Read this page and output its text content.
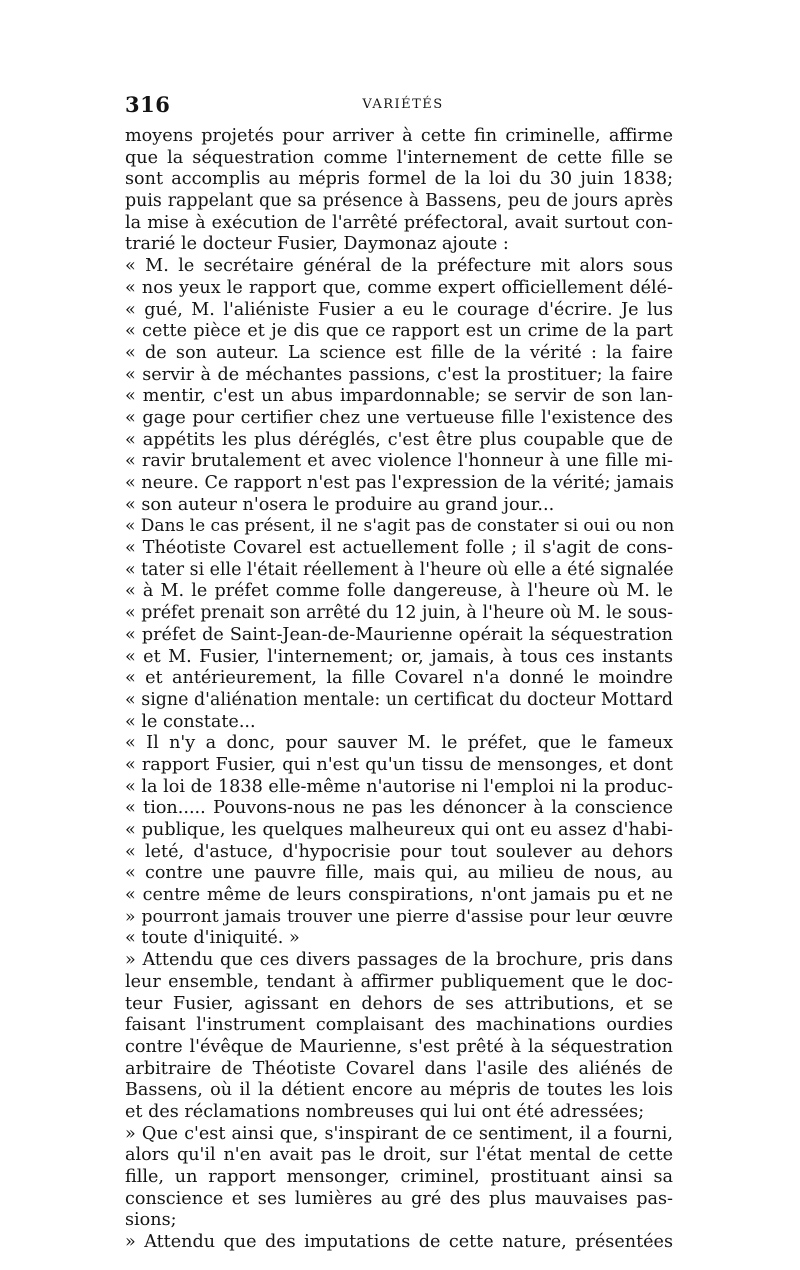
316	VARIÉTÉS
moyens projetés pour arriver à cette fin criminelle, affirme
que la séquestration comme l'internement de cette fille se
sont accomplis au mépris formel de la loi du 30 juin 1838;
puis rappelant que sa présence à Bassens, peu de jours après
la mise à exécution de l'arrêté préfectoral, avait surtout con-
trarié le docteur Fusier, Daymonaz ajoute :
« M. le secrétaire général de la préfecture mit alors sous
« nos yeux le rapport que, comme expert officiellement délé-
« gué, M. l'aliéniste Fusier a eu le courage d'écrire. Je lus
« cette pièce et je dis que ce rapport est un crime de la part
« de son auteur. La science est fille de la vérité : la faire
« servir à de méchantes passions, c'est la prostituer; la faire
« mentir, c'est un abus impardonnable; se servir de son lan-
« gage pour certifier chez une vertueuse fille l'existence des
« appétits les plus déréglés, c'est être plus coupable que de
« ravir brutalement et avec violence l'honneur à une fille mi-
« neure. Ce rapport n'est pas l'expression de la vérité; jamais
« son auteur n'osera le produire au grand jour...
« Dans le cas présent, il ne s'agit pas de constater si oui ou non
« Théotiste Covarel est actuellement folle ; il s'agit de cons-
« tater si elle l'était réellement à l'heure où elle a été signalée
« à M. le préfet comme folle dangereuse, à l'heure où M. le
« préfet prenait son arrêté du 12 juin, à l'heure où M. le sous-
« préfet de Saint-Jean-de-Maurienne opérait la séquestration
« et M. Fusier, l'internement; or, jamais, à tous ces instants
« et antérieurement, la fille Covarel n'a donné le moindre
« signe d'aliénation mentale: un certificat du docteur Mottard
« le constate...
« Il n'y a donc, pour sauver M. le préfet, que le fameux
« rapport Fusier, qui n'est qu'un tissu de mensonges, et dont
« la loi de 1838 elle-même n'autorise ni l'emploi ni la produc-
« tion..... Pouvons-nous ne pas les dénoncer à la conscience
« publique, les quelques malheureux qui ont eu assez d'habi-
« leté, d'astuce, d'hypocrisie pour tout soulever au dehors
« contre une pauvre fille, mais qui, au milieu de nous, au
« centre même de leurs conspirations, n'ont jamais pu et ne
» pourront jamais trouver une pierre d'assise pour leur œuvre
« toute d'iniquité. »
» Attendu que ces divers passages de la brochure, pris dans
leur ensemble, tendant à affirmer publiquement que le doc-
teur Fusier, agissant en dehors de ses attributions, et se
faisant l'instrument complaisant des machinations ourdies
contre l'évêque de Maurienne, s'est prêté à la séquestration
arbitraire de Théotiste Covarel dans l'asile des aliénés de
Bassens, où il la détient encore au mépris de toutes les lois
et des réclamations nombreuses qui lui ont été adressées;
» Que c'est ainsi que, s'inspirant de ce sentiment, il a fourni,
alors qu'il n'en avait pas le droit, sur l'état mental de cette
fille, un rapport mensonger, criminel, prostituant ainsi sa
conscience et ses lumières au gré des plus mauvaises pas-
sions;
» Attendu que des imputations de cette nature, présentées
